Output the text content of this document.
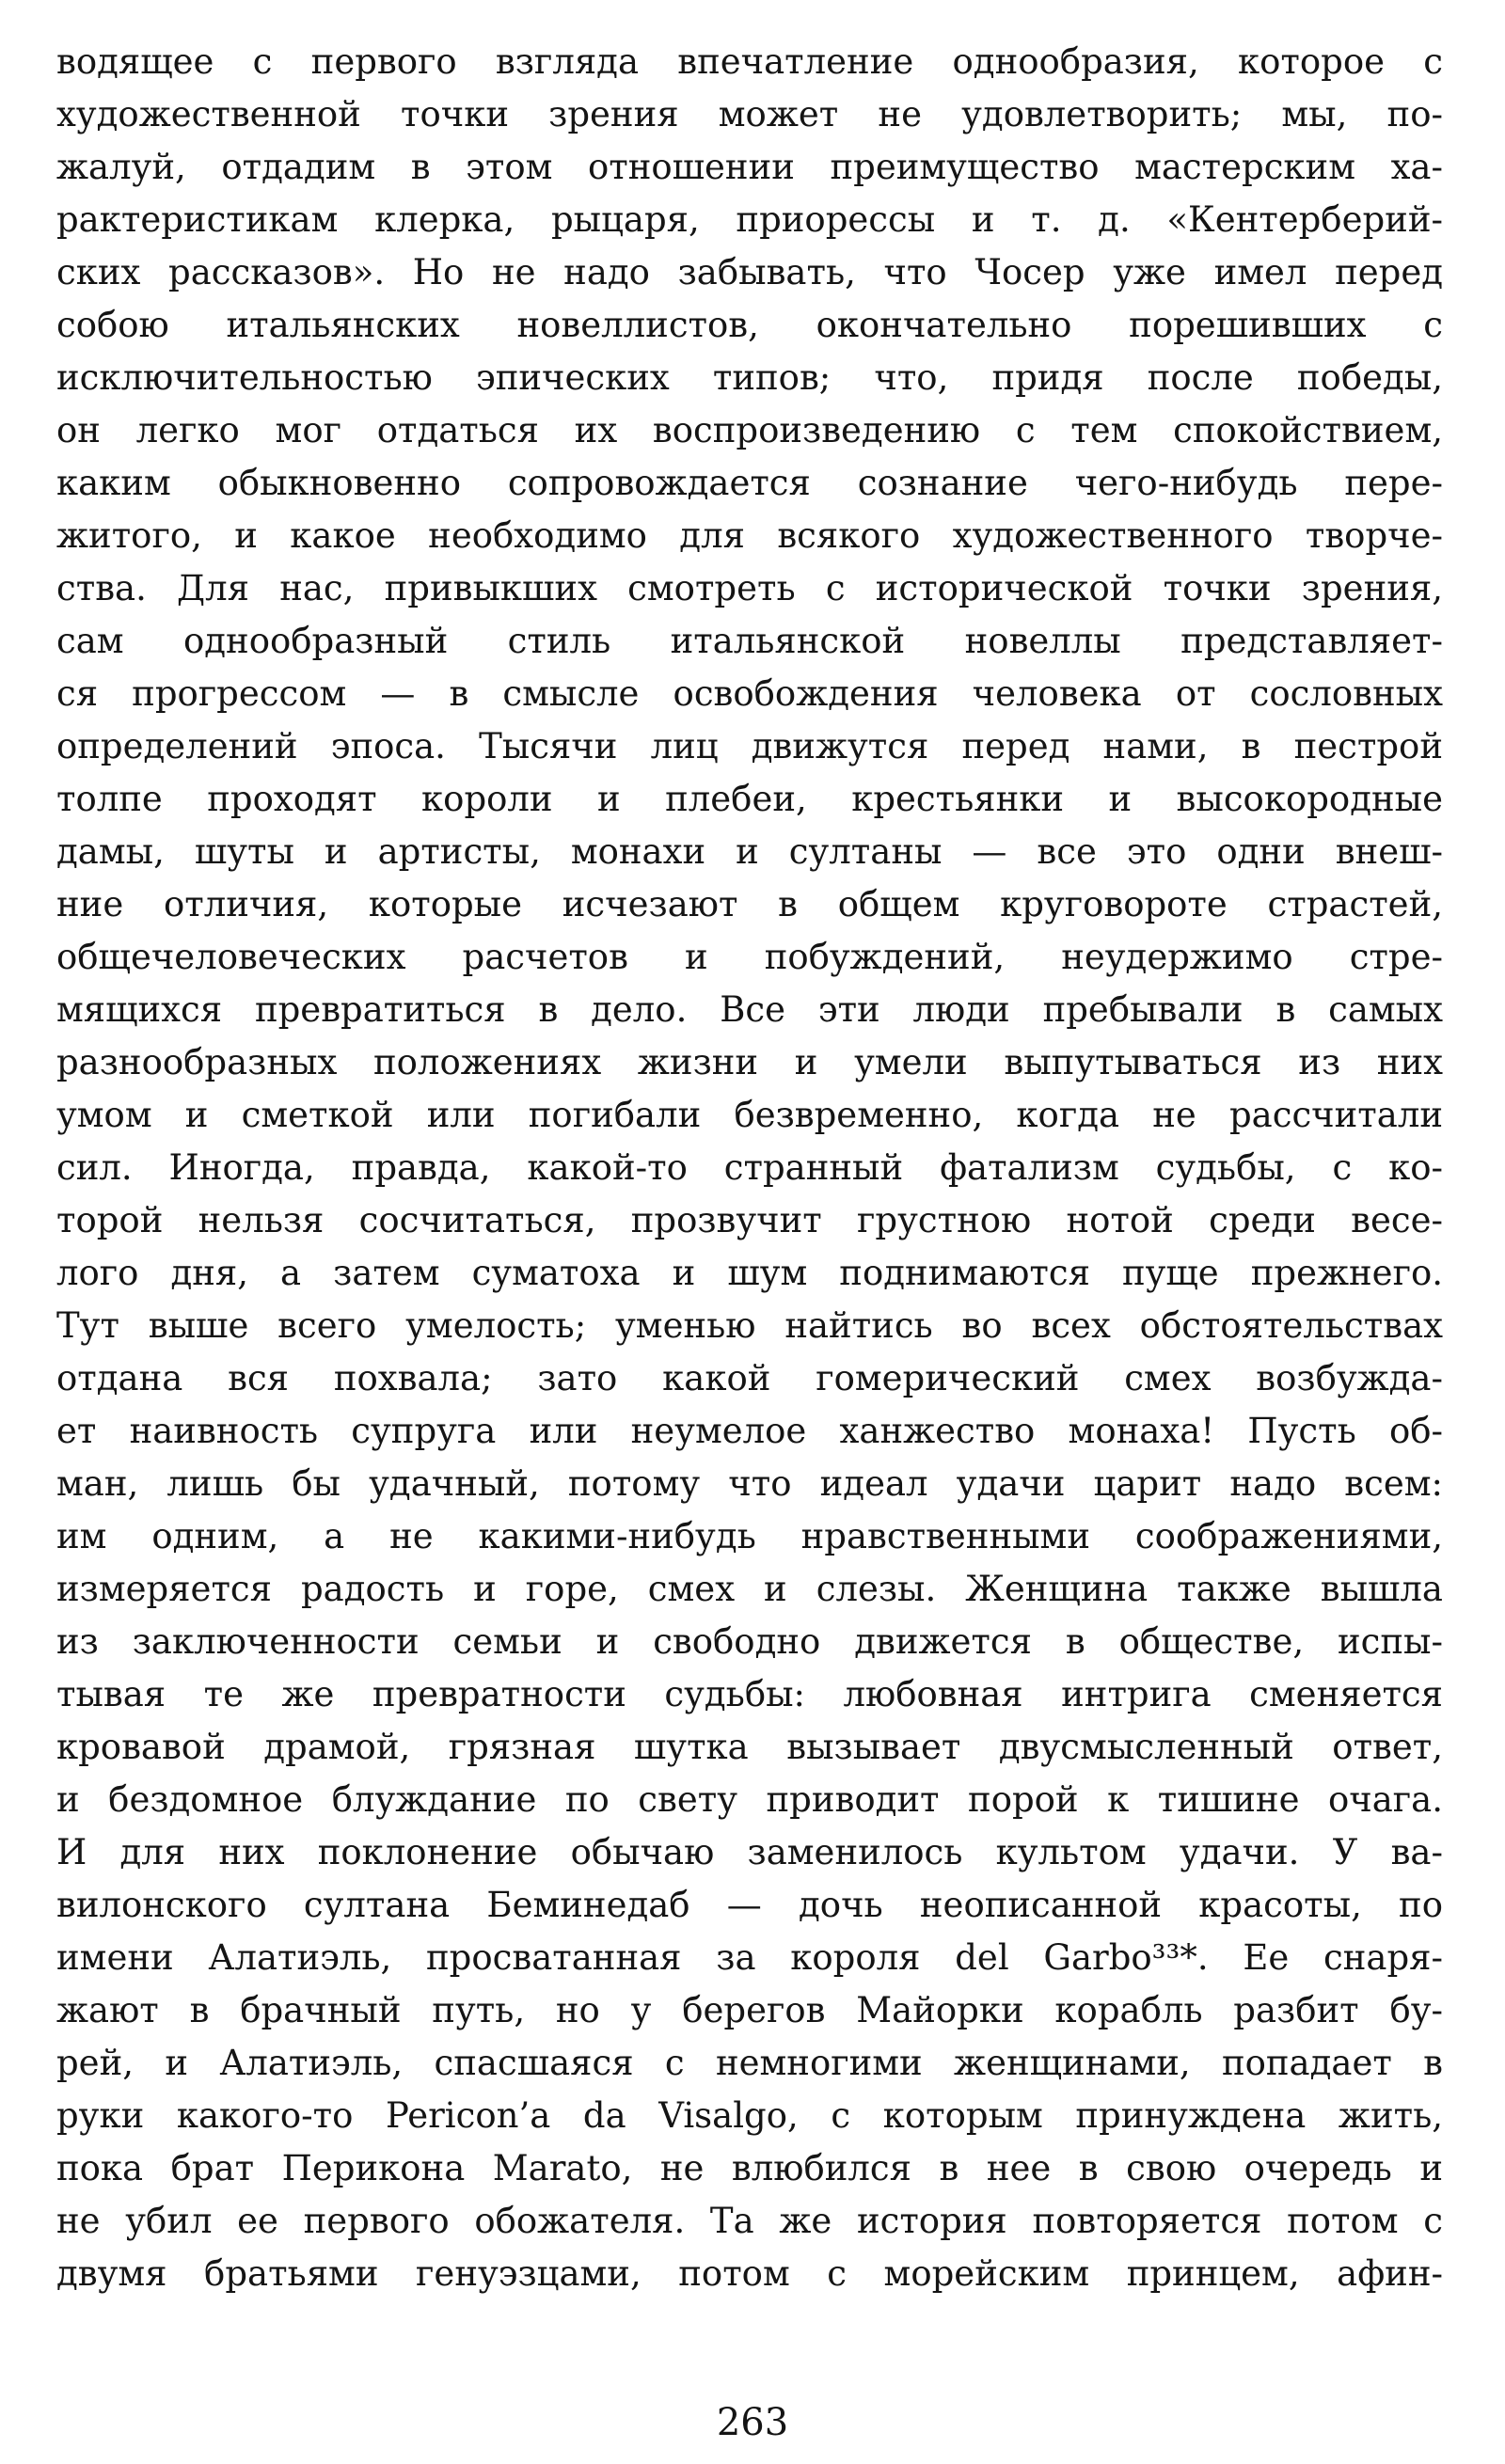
водящее с первого взгляда впечатление однообразия, которое с
художественной точки зрения может не удовлетворить; мы, по-
жалуй, отдадим в этом отношении преимущество мастерским ха-
рактеристикам клерка, рыцаря, приорессы и т. д. «Кентерберий-
ских рассказов». Но не надо забывать, что Чосер уже имел перед
собою итальянских новеллистов, окончательно порешивших с
исключительностью эпических типов; что, придя после победы,
он легко мог отдаться их воспроизведению с тем спокойствием,
каким обыкновенно сопровождается сознание чего-нибудь пере-
житого, и какое необходимо для всякого художественного творче-
ства. Для нас, привыкших смотреть с исторической точки зрения,
сам однообразный стиль итальянской новеллы представляет-
ся прогрессом — в смысле освобождения человека от сословных
определений эпоса. Тысячи лиц движутся перед нами, в пестрой
толпе проходят короли и плебеи, крестьянки и высокородные
дамы, шуты и артисты, монахи и султаны — все это одни внеш-
ние отличия, которые исчезают в общем круговороте страстей,
общечеловеческих расчетов и побуждений, неудержимо стре-
мящихся превратиться в дело. Все эти люди пребывали в самых
разнообразных положениях жизни и умели выпутываться из них
умом и сметкой или погибали безвременно, когда не рассчитали
сил. Иногда, правда, какой-то странный фатализм судьбы, с ко-
торой нельзя сосчитаться, прозвучит грустною нотой среди весе-
лого дня, а затем суматоха и шум поднимаются пуще прежнего.
Тут выше всего умелость; уменью найтись во всех обстоятельствах
отдана вся похвала; зато какой гомерический смех возбужда-
ет наивность супруга или неумелое ханжество монаха! Пусть об-
ман, лишь бы удачный, потому что идеал удачи царит надо всем:
им одним, а не какими-нибудь нравственными соображениями,
измеряется радость и горе, смех и слезы. Женщина также вышла
из заключенности семьи и свободно движется в обществе, испы-
тывая те же превратности судьбы: любовная интрига сменяется
кровавой драмой, грязная шутка вызывает двусмысленный ответ,
и бездомное блуждание по свету приводит порой к тишине очага.
И для них поклонение обычаю заменилось культом удачи. У ва-
вилонского султана Беминедаб — дочь неописанной красоты, по
имени Алатиэль, просватанная за короля del Garbo³³*. Ее снаря-
жают в брачный путь, но у берегов Майорки корабль разбит бу-
рей, и Алатиэль, спасшаяся с немногими женщинами, попадает в
руки какого-то Pericon’a da Visalgo, с которым принуждена жить,
пока брат Перикона Marato, не влюбился в нее в свою очередь и
не убил ее первого обожателя. Та же история повторяется потом с
двумя братьями генуэзцами, потом с морейским принцем, афин-
263
